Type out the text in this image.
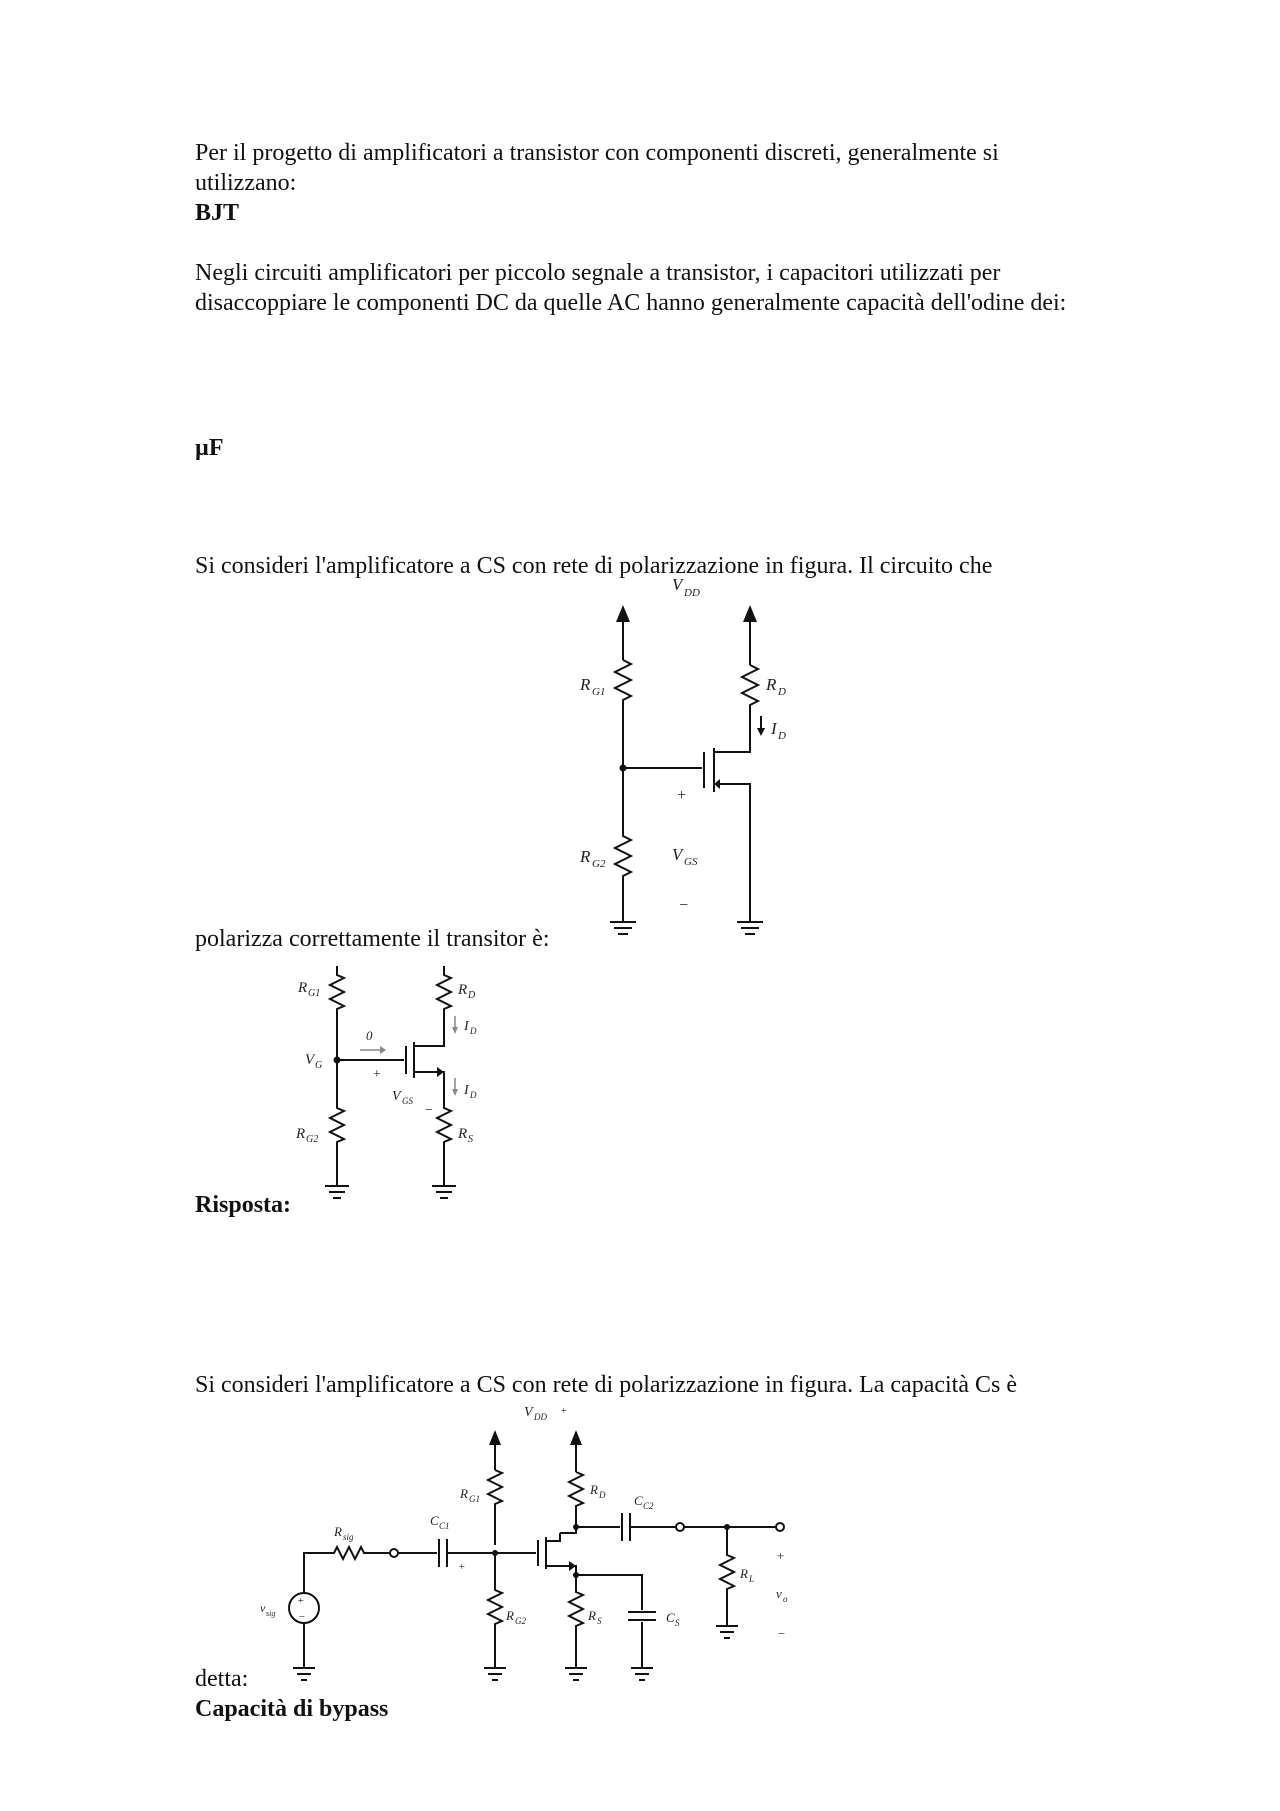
Per il progetto di amplificatori a transistor con componenti discreti, generalmente si utilizzano:

BJT

Negli circuiti amplificatori per piccolo segnale a transistor, i capacitori utilizzati per disaccoppiare le componenti DC da quelle AC hanno generalmente capacità dell'odine dei:

µF

Si consideri l'amplificatore a CS con rete di polarizzazione in figura. Il circuito che

V DD
R G1	R D
I D
+
V GS
−
R G2

polarizza correttamente il transitor è:

R G1
V G
0
R D
I D
I D
+
V GS
−
R S
R G2

Risposta:

Si consideri l'amplificatore a CS con rete di polarizzazione in figura. La capacità Cs è

V DD +
R G1
R D C C2
R L
+
v o
−
+
−
v sig
R sig
C C1
+
R G2	R S	C S

detta:

Capacità di bypass
